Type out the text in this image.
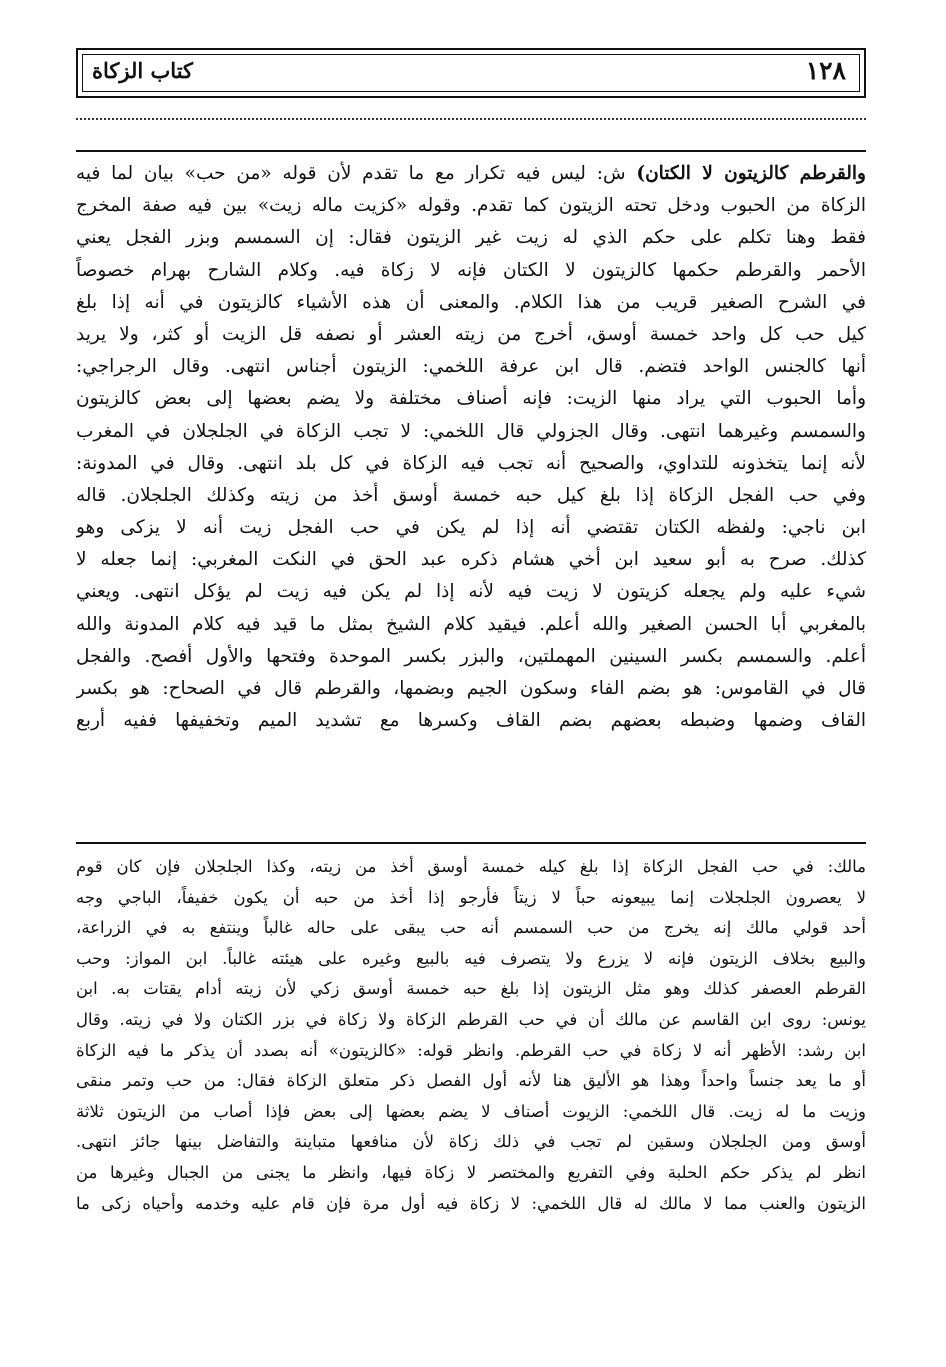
١٢٨
كتاب الزكاة
والقرطم كالزيتون لا الكتان) ش: ليس فيه تكرار مع ما تقدم لأن قوله «من حب» بيان لما فيه
الزكاة من الحبوب ودخل تحته الزيتون كما تقدم. وقوله «كزيت ماله زيت» بين فيه صفة المخرج
فقط وهنا تكلم على حكم الذي له زيت غير الزيتون فقال: إن السمسم وبزر الفجل يعني
الأحمر والقرطم حكمها كالزيتون لا الكتان فإنه لا زكاة فيه. وكلام الشارح بهرام خصوصاً
في الشرح الصغير قريب من هذا الكلام. والمعنى أن هذه الأشياء كالزيتون في أنه إذا بلغ
كيل حب كل واحد خمسة أوسق، أخرج من زيته العشر أو نصفه قل الزيت أو كثر، ولا يريد
أنها كالجنس الواحد فتضم. قال ابن عرفة اللخمي: الزيتون أجناس انتهى. وقال الرجراجي:
وأما الحبوب التي يراد منها الزيت: فإنه أصناف مختلفة ولا يضم بعضها إلى بعض كالزيتون
والسمسم وغيرهما انتهى. وقال الجزولي قال اللخمي: لا تجب الزكاة في الجلجلان في المغرب
لأنه إنما يتخذونه للتداوي، والصحيح أنه تجب فيه الزكاة في كل بلد انتهى. وقال في المدونة:
وفي حب الفجل الزكاة إذا بلغ كيل حبه خمسة أوسق أخذ من زيته وكذلك الجلجلان. قاله
ابن ناجي: ولفظه الكتان تقتضي أنه إذا لم يكن في حب الفجل زيت أنه لا يزكى وهو
كذلك. صرح به أبو سعيد ابن أخي هشام ذكره عبد الحق في النكت المغربي: إنما جعله لا
شيء عليه ولم يجعله كزيتون لا زيت فيه لأنه إذا لم يكن فيه زيت لم يؤكل انتهى. ويعني
بالمغربي أبا الحسن الصغير والله أعلم. فيقيد كلام الشيخ بمثل ما قيد فيه كلام المدونة والله
أعلم. والسمسم بكسر السينين المهملتين، والبزر بكسر الموحدة وفتحها والأول أفصح. والفجل
قال في القاموس: هو بضم الفاء وسكون الجيم وبضمها، والقرطم قال في الصحاح: هو بكسر
القاف وضمها وضبطه بعضهم بضم القاف وكسرها مع تشديد الميم وتخفيفها ففيه أربع
مالك: في حب الفجل الزكاة إذا بلغ كيله خمسة أوسق أخذ من زيته، وكذا الجلجلان فإن كان قوم
لا يعصرون الجلجلات إنما يبيعونه حباً لا زيتاً فأرجو إذا أخذ من حبه أن يكون خفيفاً، الباجي وجه
أحد قولي مالك إنه يخرج من حب السمسم أنه حب يبقى على حاله غالباً وينتفع به في الزراعة،
والبيع بخلاف الزيتون فإنه لا يزرع ولا يتصرف فيه بالبيع وغيره على هيئته غالباً. ابن المواز: وحب
القرطم العصفر كذلك وهو مثل الزيتون إذا بلغ حبه خمسة أوسق زكي لأن زيته أدام يقتات به. ابن
يونس: روى ابن القاسم عن مالك أن في حب القرطم الزكاة ولا زكاة في بزر الكتان ولا في زيته. وقال
ابن رشد: الأظهر أنه لا زكاة في حب القرطم. وانظر قوله: «كالزيتون» أنه بصدد أن يذكر ما فيه الزكاة
أو ما يعد جنساً واحداً وهذا هو الأليق هنا لأنه أول الفصل ذكر متعلق الزكاة فقال: من حب وتمر منقى
وزيت ما له زيت. قال اللخمي: الزيوت أصناف لا يضم بعضها إلى بعض فإذا أصاب من الزيتون ثلاثة
أوسق ومن الجلجلان وسقين لم تجب في ذلك زكاة لأن منافعها متباينة والتفاضل بينها جائز انتهى.
انظر لم يذكر حكم الحلبة وفي التفريع والمختصر لا زكاة فيها، وانظر ما يجنى من الجبال وغيرها من
الزيتون والعنب مما لا مالك له قال اللخمي: لا زكاة فيه أول مرة فإن قام عليه وخدمه وأحياه زكى ما
